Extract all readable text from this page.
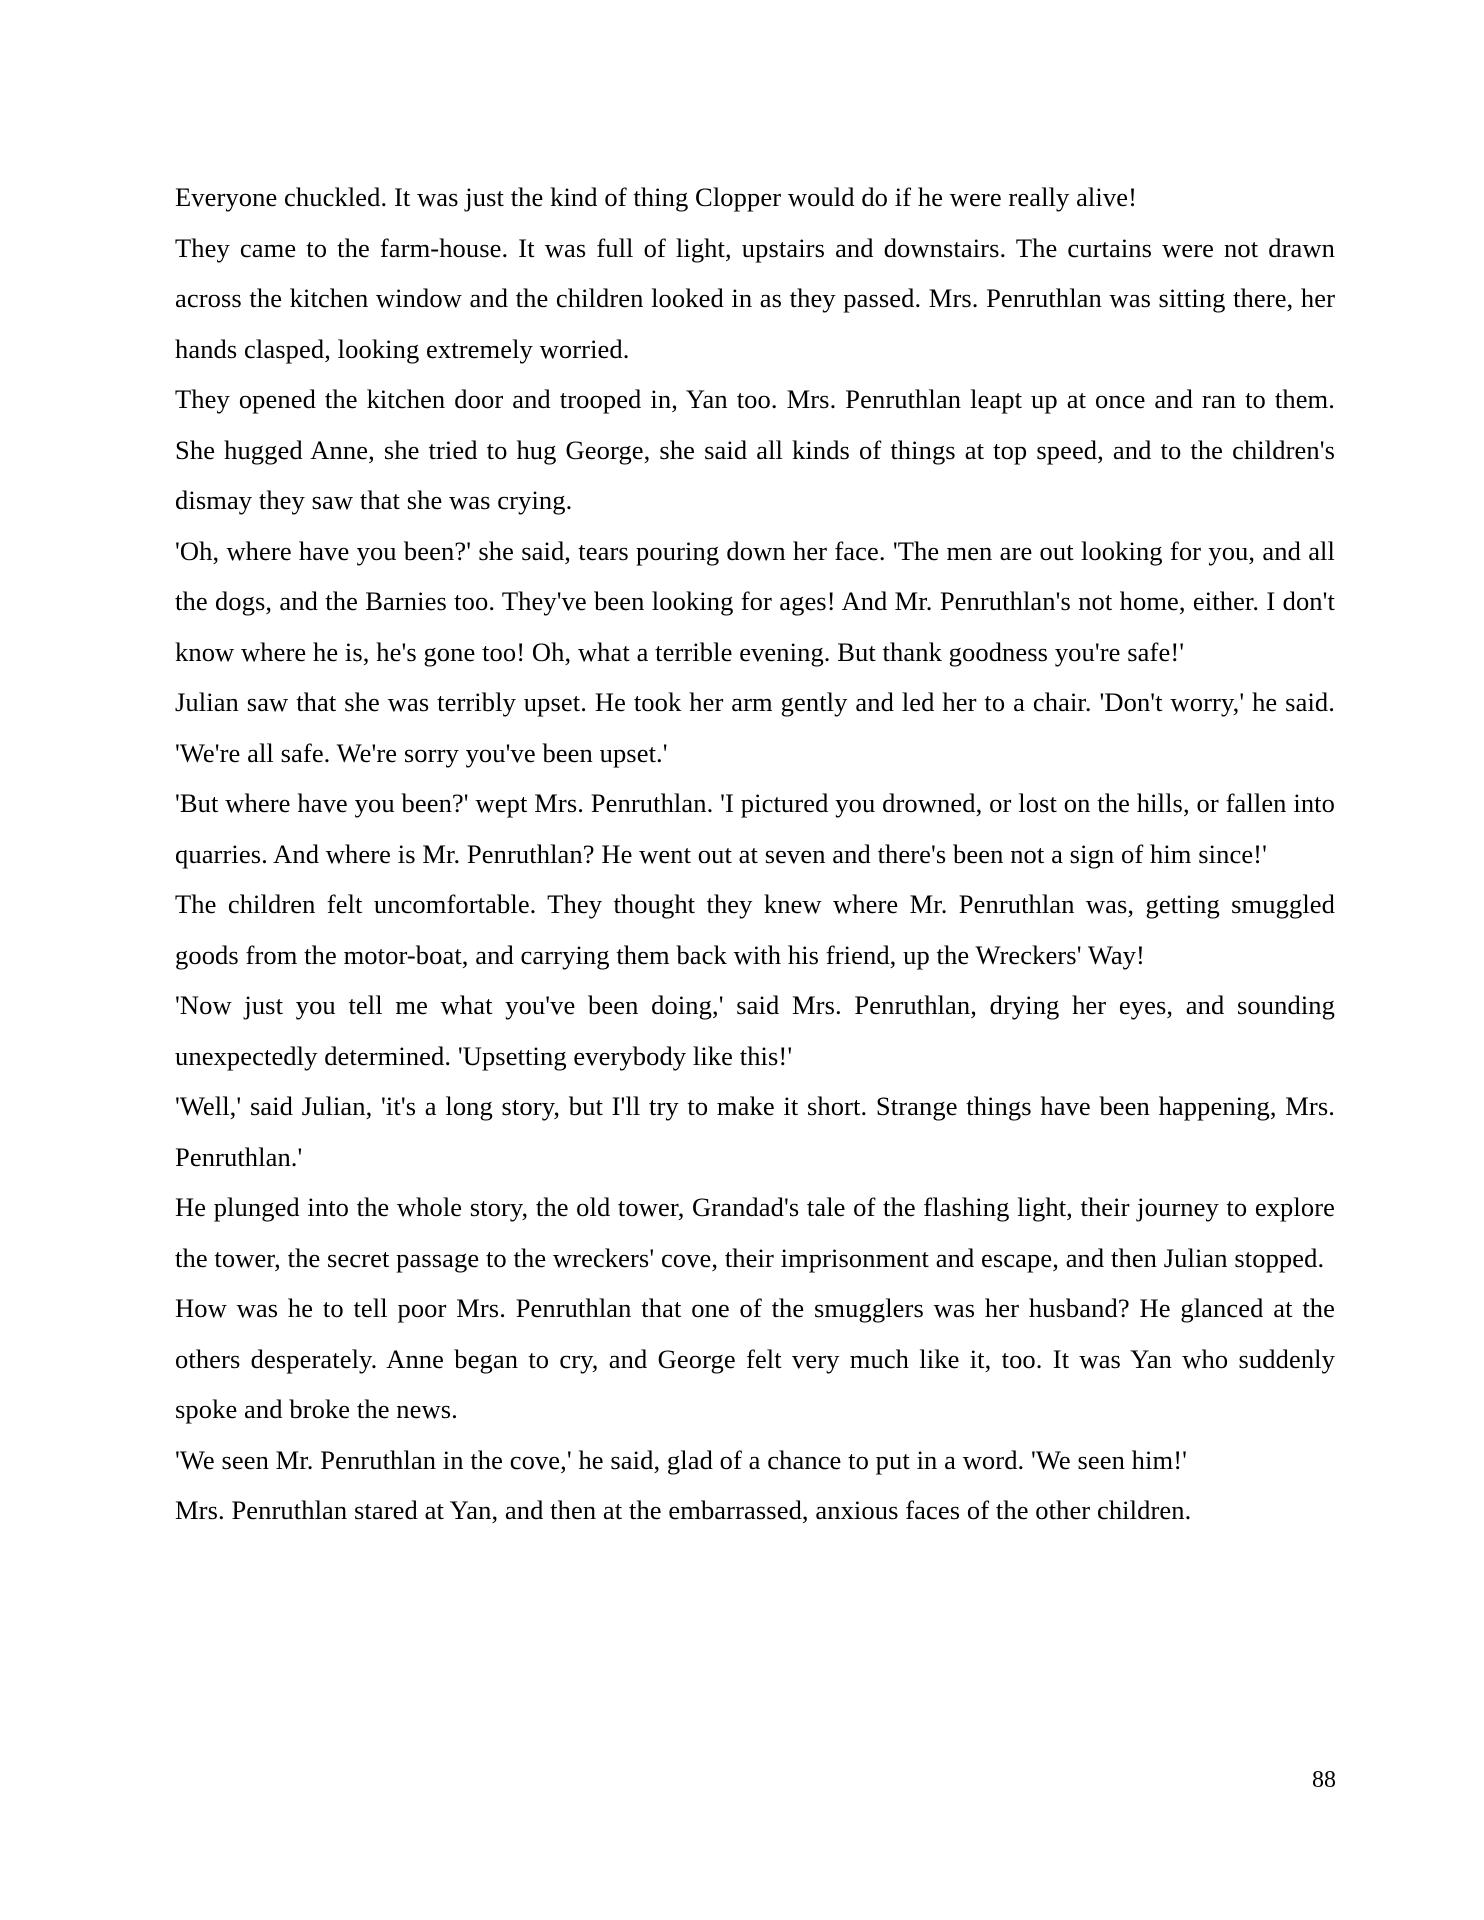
Everyone chuckled. It was just the kind of thing Clopper would do if he were really alive!

They came to the farm-house. It was full of light, upstairs and downstairs. The curtains were not drawn across the kitchen window and the children looked in as they passed. Mrs. Penruthlan was sitting there, her hands clasped, looking extremely worried.

They opened the kitchen door and trooped in, Yan too. Mrs. Penruthlan leapt up at once and ran to them. She hugged Anne, she tried to hug George, she said all kinds of things at top speed, and to the children's dismay they saw that she was crying.

'Oh, where have you been?' she said, tears pouring down her face. 'The men are out looking for you, and all the dogs, and the Barnies too. They've been looking for ages! And Mr. Penruthlan's not home, either. I don't know where he is, he's gone too! Oh, what a terrible evening. But thank goodness you're safe!'

Julian saw that she was terribly upset. He took her arm gently and led her to a chair. 'Don't worry,' he said. 'We're all safe. We're sorry you've been upset.'

'But where have you been?' wept Mrs. Penruthlan. 'I pictured you drowned, or lost on the hills, or fallen into quarries. And where is Mr. Penruthlan? He went out at seven and there's been not a sign of him since!'

The children felt uncomfortable. They thought they knew where Mr. Penruthlan was, getting smuggled goods from the motor-boat, and carrying them back with his friend, up the Wreckers' Way!

'Now just you tell me what you've been doing,' said Mrs. Penruthlan, drying her eyes, and sounding unexpectedly determined. 'Upsetting everybody like this!'

'Well,' said Julian, 'it's a long story, but I'll try to make it short. Strange things have been happening, Mrs. Penruthlan.'

He plunged into the whole story, the old tower, Grandad's tale of the flashing light, their journey to explore the tower, the secret passage to the wreckers' cove, their imprisonment and escape, and then Julian stopped.

How was he to tell poor Mrs. Penruthlan that one of the smugglers was her husband? He glanced at the others desperately. Anne began to cry, and George felt very much like it, too. It was Yan who suddenly spoke and broke the news.

'We seen Mr. Penruthlan in the cove,' he said, glad of a chance to put in a word. 'We seen him!'

Mrs. Penruthlan stared at Yan, and then at the embarrassed, anxious faces of the other children.

88
